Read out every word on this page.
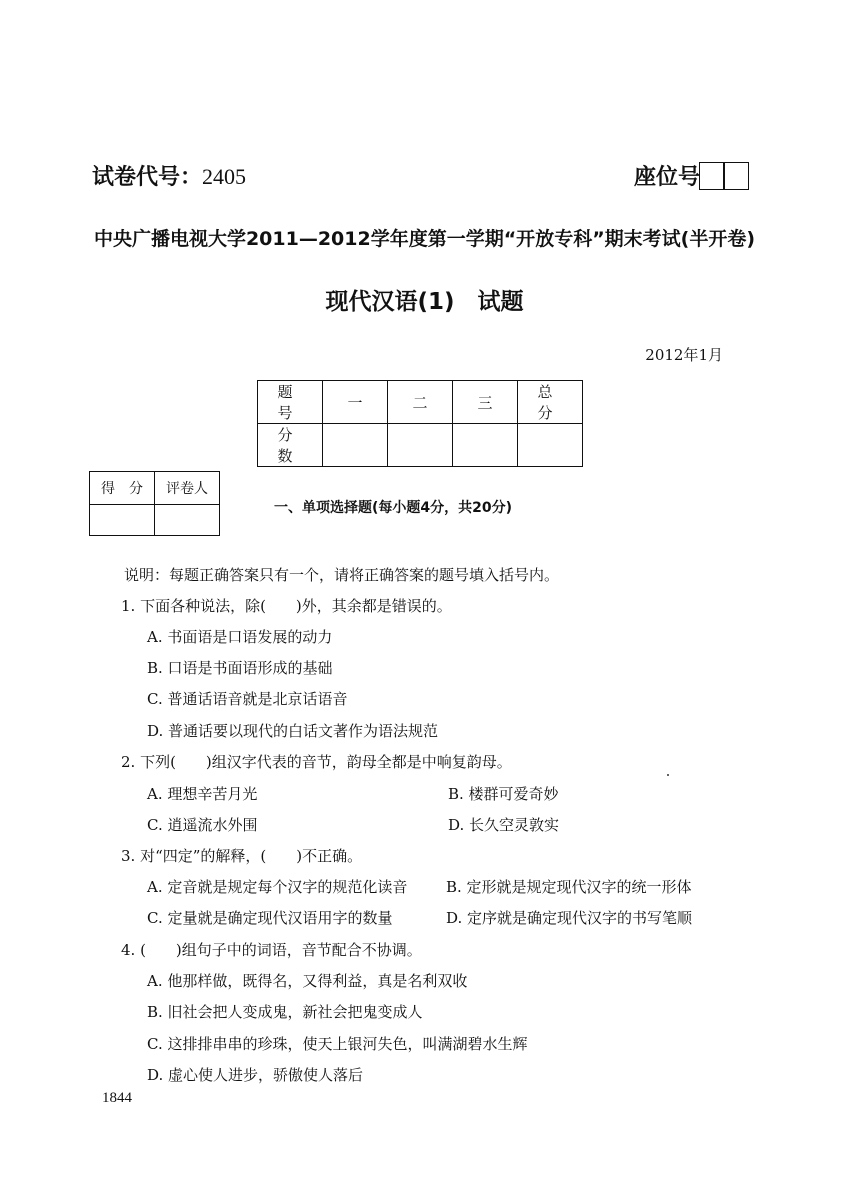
试卷代号：2405	座位号
中央广播电视大学2011—2012学年度第一学期“开放专科”期末考试(半开卷)
现代汉语(1)　试题
2012年1月
题　号	一	二	三	总　分
分　数				
得　分	评卷人

一、单项选择题(每小题4分，共20分)
说明：每题正确答案只有一个，请将正确答案的题号填入括号内。
1. 下面各种说法，除(　　)外，其余都是错误的。
A. 书面语是口语发展的动力
B. 口语是书面语形成的基础
C. 普通话语音就是北京话语音
D. 普通话要以现代的白话文著作为语法规范
2. 下列(　　)组汉字代表的音节，韵母全都是中响复韵母。
A. 理想辛苦月光	B. 楼群可爱奇妙
C. 逍遥流水外围	D. 长久空灵敦实
3. 对“四定”的解释，(　　)不正确。
A. 定音就是规定每个汉字的规范化读音	B. 定形就是规定现代汉字的统一形体
C. 定量就是确定现代汉语用字的数量	D. 定序就是确定现代汉字的书写笔顺
4. (　　)组句子中的词语，音节配合不协调。
A. 他那样做，既得名，又得利益，真是名利双收
B. 旧社会把人变成鬼，新社会把鬼变成人
C. 这排排串串的珍珠，使天上银河失色，叫满湖碧水生辉
D. 虚心使人进步，骄傲使人落后
1844
